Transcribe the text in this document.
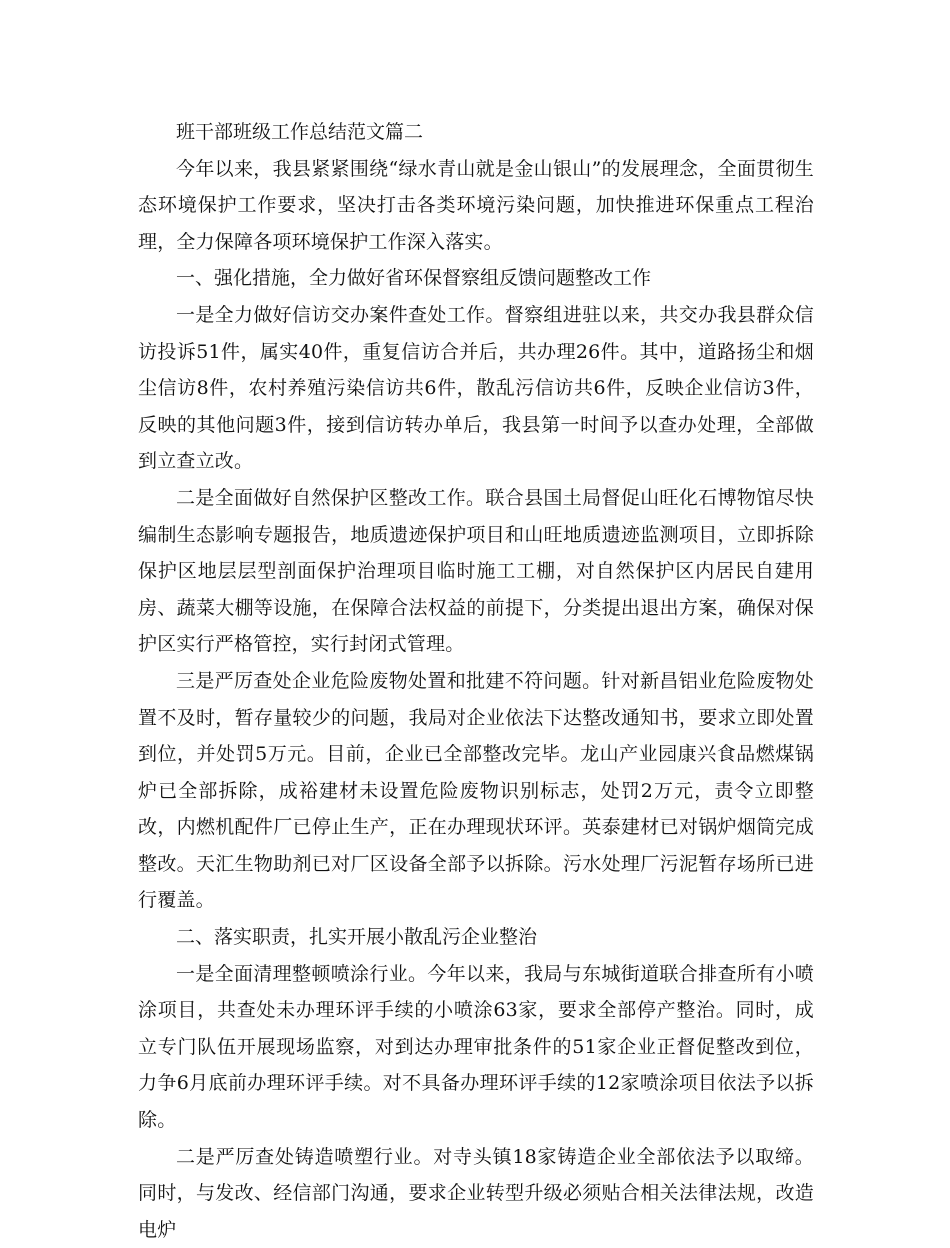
班干部班级工作总结范文篇二

今年以来，我县紧紧围绕“绿水青山就是金山银山”的发展理念，全面贯彻生态环境保护工作要求，坚决打击各类环境污染问题，加快推进环保重点工程治理，全力保障各项环境保护工作深入落实。

一、强化措施，全力做好省环保督察组反馈问题整改工作

一是全力做好信访交办案件查处工作。督察组进驻以来，共交办我县群众信访投诉51件，属实40件，重复信访合并后，共办理26件。其中，道路扬尘和烟尘信访8件，农村养殖污染信访共6件，散乱污信访共6件，反映企业信访3件，反映的其他问题3件，接到信访转办单后，我县第一时间予以查办处理，全部做到立查立改。

二是全面做好自然保护区整改工作。联合县国土局督促山旺化石博物馆尽快编制生态影响专题报告，地质遗迹保护项目和山旺地质遗迹监测项目，立即拆除保护区地层层型剖面保护治理项目临时施工工棚，对自然保护区内居民自建用房、蔬菜大棚等设施，在保障合法权益的前提下，分类提出退出方案，确保对保护区实行严格管控，实行封闭式管理。

三是严厉查处企业危险废物处置和批建不符问题。针对新昌铝业危险废物处置不及时，暂存量较少的问题，我局对企业依法下达整改通知书，要求立即处置到位，并处罚5万元。目前，企业已全部整改完毕。龙山产业园康兴食品燃煤锅炉已全部拆除，成裕建材未设置危险废物识别标志，处罚2万元，责令立即整改，内燃机配件厂已停止生产，正在办理现状环评。英泰建材已对锅炉烟筒完成整改。天汇生物助剂已对厂区设备全部予以拆除。污水处理厂污泥暂存场所已进行覆盖。

二、落实职责，扎实开展小散乱污企业整治

一是全面清理整顿喷涂行业。今年以来，我局与东城街道联合排查所有小喷涂项目，共查处未办理环评手续的小喷涂63家，要求全部停产整治。同时，成立专门队伍开展现场监察，对到达办理审批条件的51家企业正督促整改到位，力争6月底前办理环评手续。对不具备办理环评手续的12家喷涂项目依法予以拆除。

二是严厉查处铸造喷塑行业。对寺头镇18家铸造企业全部依法予以取缔。同时，与发改、经信部门沟通，要求企业转型升级必须贴合相关法律法规，改造电炉
